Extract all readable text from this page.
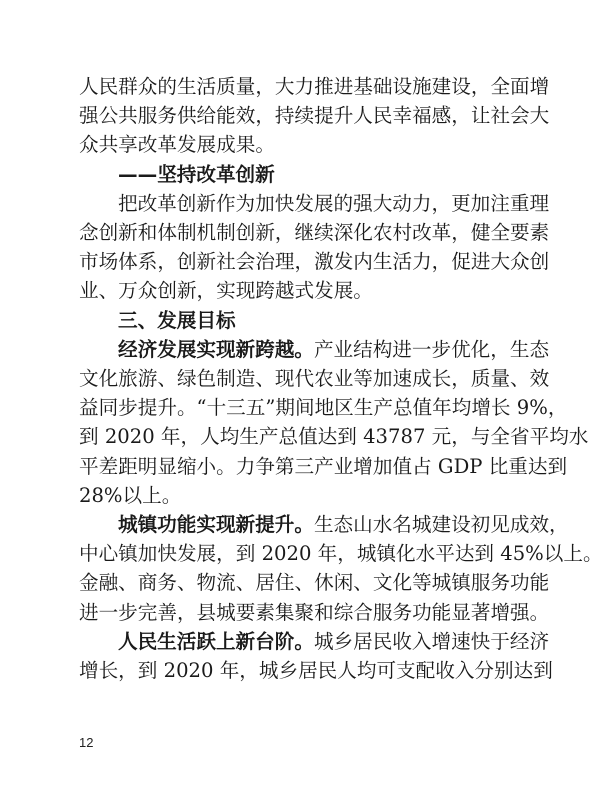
人民群众的生活质量，大力推进基础设施建设，全面增
强公共服务供给能效，持续提升人民幸福感，让社会大
众共享改革发展成果。
——坚持改革创新
把改革创新作为加快发展的强大动力，更加注重理
念创新和体制机制创新，继续深化农村改革，健全要素
市场体系，创新社会治理，激发内生活力，促进大众创
业、万众创新，实现跨越式发展。
三、发展目标
经济发展实现新跨越。产业结构进一步优化，生态
文化旅游、绿色制造、现代农业等加速成长，质量、效
益同步提升。“十三五”期间地区生产总值年均增长 9%，
到 2020 年，人均生产总值达到 43787 元，与全省平均水
平差距明显缩小。力争第三产业增加值占 GDP 比重达到
28%以上。
城镇功能实现新提升。生态山水名城建设初见成效，
中心镇加快发展，到 2020 年，城镇化水平达到 45%以上。
金融、商务、物流、居住、休闲、文化等城镇服务功能
进一步完善，县城要素集聚和综合服务功能显著增强。
人民生活跃上新台阶。城乡居民收入增速快于经济
增长，到 2020 年，城乡居民人均可支配收入分别达到
12
